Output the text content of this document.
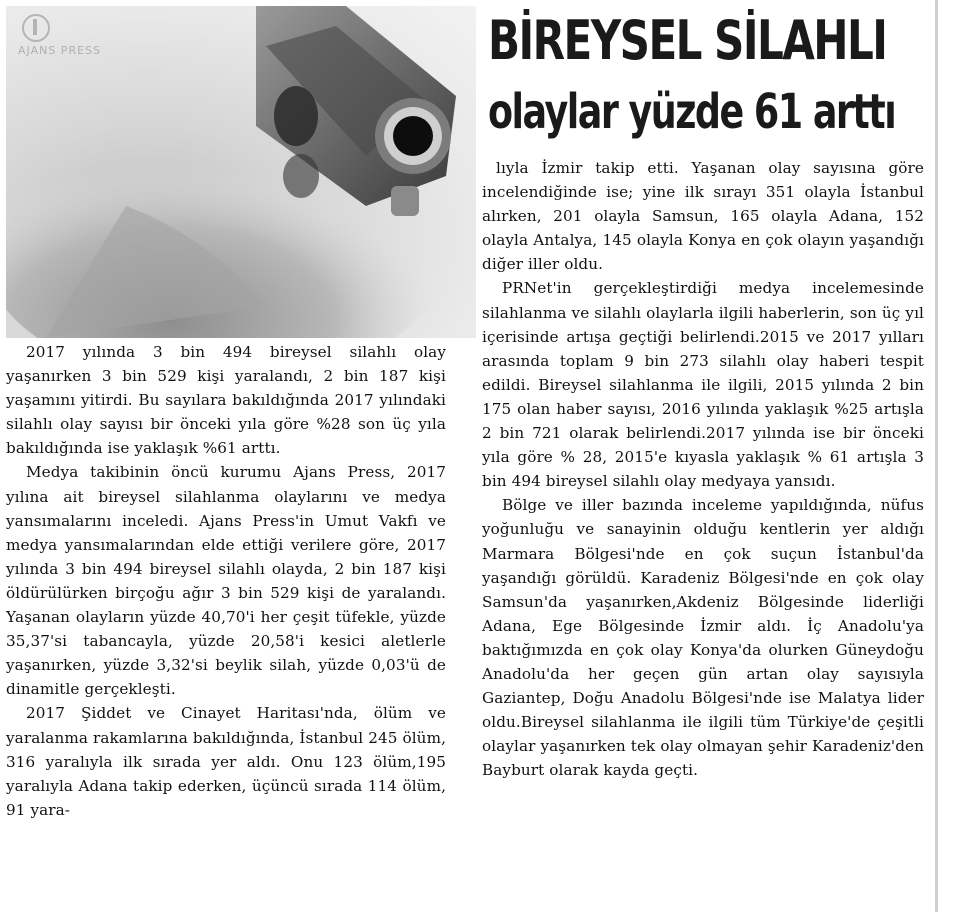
AJANS PRESS	BİREYSEL SİLAHLI
olaylar yüzde 61 arttı

2017 yılında 3 bin 494 bireysel silahlı olay yaşanırken 3 bin 529 kişi yaralandı, 2 bin 187 kişi yaşamını yitirdi. Bu sayılara bakıldığında 2017 yılındaki silahlı olay sayısı bir önceki yıla göre %28 son üç yıla bakıldığında ise yaklaşık %61 arttı.

Medya takibinin öncü kurumu Ajans Press, 2017 yılına ait bireysel silahlanma olaylarını ve medya yansımalarını inceledi. Ajans Press'in Umut Vakfı ve medya yansımalarından elde ettiği verilere göre, 2017 yılında 3 bin 494 bireysel silahlı olayda, 2 bin 187 kişi öldürülürken birçoğu ağır 3 bin 529 kişi de yaralandı. Yaşanan olayların yüzde 40,70'i her çeşit tüfekle, yüzde 35,37'si tabancayla, yüzde 20,58'i kesici aletlerle yaşanırken, yüzde 3,32'si beylik silah, yüzde 0,03'ü de dinamitle gerçekleşti.

2017 Şiddet ve Cinayet Haritası'nda, ölüm ve yaralanma rakamlarına bakıldığında, İstanbul 245 ölüm, 316 yaralıyla ilk sırada yer aldı. Onu 123 ölüm,195 yaralıyla Adana takip ederken, üçüncü sırada 114 ölüm, 91 yara-

lıyla İzmir takip etti. Yaşanan olay sayısına göre incelendiğinde ise; yine ilk sırayı 351 olayla İstanbul alırken, 201 olayla Samsun, 165 olayla Adana, 152 olayla Antalya, 145 olayla Konya en çok olayın yaşandığı diğer iller oldu.

PRNet'in gerçekleştirdiği medya incelemesinde silahlanma ve silahlı olaylarla ilgili haberlerin, son üç yıl içerisinde artışa geçtiği belirlendi.2015 ve 2017 yılları arasında toplam 9 bin 273 silahlı olay haberi tespit edildi. Bireysel silahlanma ile ilgili, 2015 yılında 2 bin 175 olan haber sayısı, 2016 yılında yaklaşık %25 artışla 2 bin 721 olarak belirlendi.2017 yılında ise bir önceki yıla göre % 28, 2015'e kıyasla yaklaşık % 61 artışla 3 bin 494 bireysel silahlı olay medyaya yansıdı.

Bölge ve iller bazında inceleme yapıldığında, nüfus yoğunluğu ve sanayinin olduğu kentlerin yer aldığı Marmara Bölgesi'nde en çok suçun İstanbul'da yaşandığı görüldü. Karadeniz Bölgesi'nde en çok olay Samsun'da yaşanırken,Akdeniz Bölgesinde liderliği Adana, Ege Bölgesinde İzmir aldı. İç Anadolu'ya baktığımızda en çok olay Konya'da olurken Güneydoğu Anadolu'da her geçen gün artan olay sayısıyla Gaziantep, Doğu Anadolu Bölgesi'nde ise Malatya lider oldu.Bireysel silahlanma ile ilgili tüm Türkiye'de çeşitli olaylar yaşanırken tek olay olmayan şehir Karadeniz'den Bayburt olarak kayda geçti.
